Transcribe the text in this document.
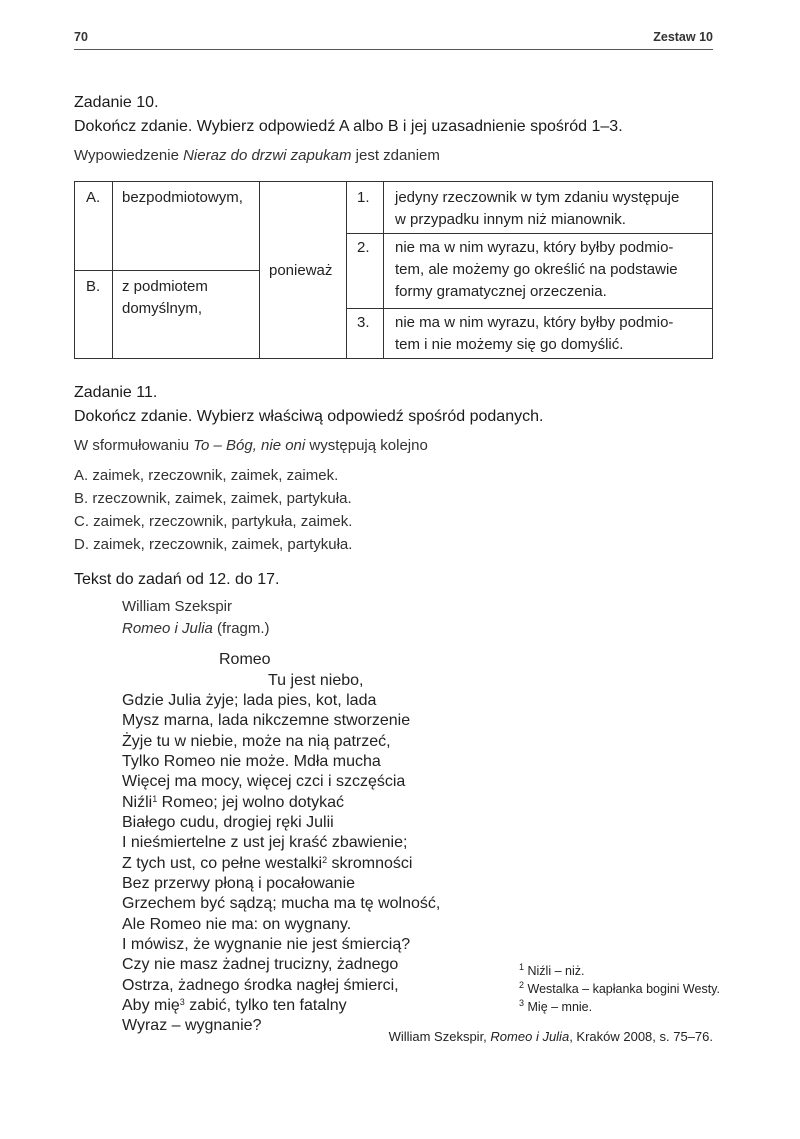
70	Zestaw 10
Zadanie 10.
Dokończ zdanie. Wybierz odpowiedź A albo B i jej uzasadnienie spośród 1–3.
Wypowiedzenie Nieraz do drzwi zapukam jest zdaniem
A. bezpodmiotowym,
B. z podmiotem
domyślnym,
ponieważ
1. jedyny rzeczownik w tym zdaniu występuje
w przypadku innym niż mianownik.
2. nie ma w nim wyrazu, który byłby podmio-
tem, ale możemy go określić na podstawie
formy gramatycznej orzeczenia.
3. nie ma w nim wyrazu, który byłby podmio-
tem i nie możemy się go domyślić.
Zadanie 11.
Dokończ zdanie. Wybierz właściwą odpowiedź spośród podanych.
W sformułowaniu To – Bóg, nie oni występują kolejno
A. zaimek, rzeczownik, zaimek, zaimek.
B. rzeczownik, zaimek, zaimek, partykuła.
C. zaimek, rzeczownik, partykuła, zaimek.
D. zaimek, rzeczownik, zaimek, partykuła.
Tekst do zadań od 12. do 17.
William Szekspir
Romeo i Julia (fragm.)
Romeo
Tu jest niebo,
Gdzie Julia żyje; lada pies, kot, lada
Mysz marna, lada nikczemne stworzenie
Żyje tu w niebie, może na nią patrzeć,
Tylko Romeo nie może. Mdła mucha
Więcej ma mocy, więcej czci i szczęścia
Niźli$^1$ Romeo; jej wolno dotykać
Białego cudu, drogiej ręki Julii
I nieśmiertelne z ust jej kraść zbawienie;
Z tych ust, co pełne westalki$^2$ skromności
Bez przerwy płoną i pocałowanie
Grzechem być sądzą; mucha ma tę wolność,
Ale Romeo nie ma: on wygnany.
I mówisz, że wygnanie nie jest śmiercią?
Czy nie masz żadnej trucizny, żadnego
Ostrza, żadnego środka nagłej śmierci,
Aby mię$^3$ zabić, tylko ten fatalny
Wyraz – wygnanie?
$^1$ Niźli – niż.
$^2$ Westalka – kapłanka bogini Westy.
$^3$ Mię – mnie.
William Szekspir, Romeo i Julia, Kraków 2008, s. 75–76.
